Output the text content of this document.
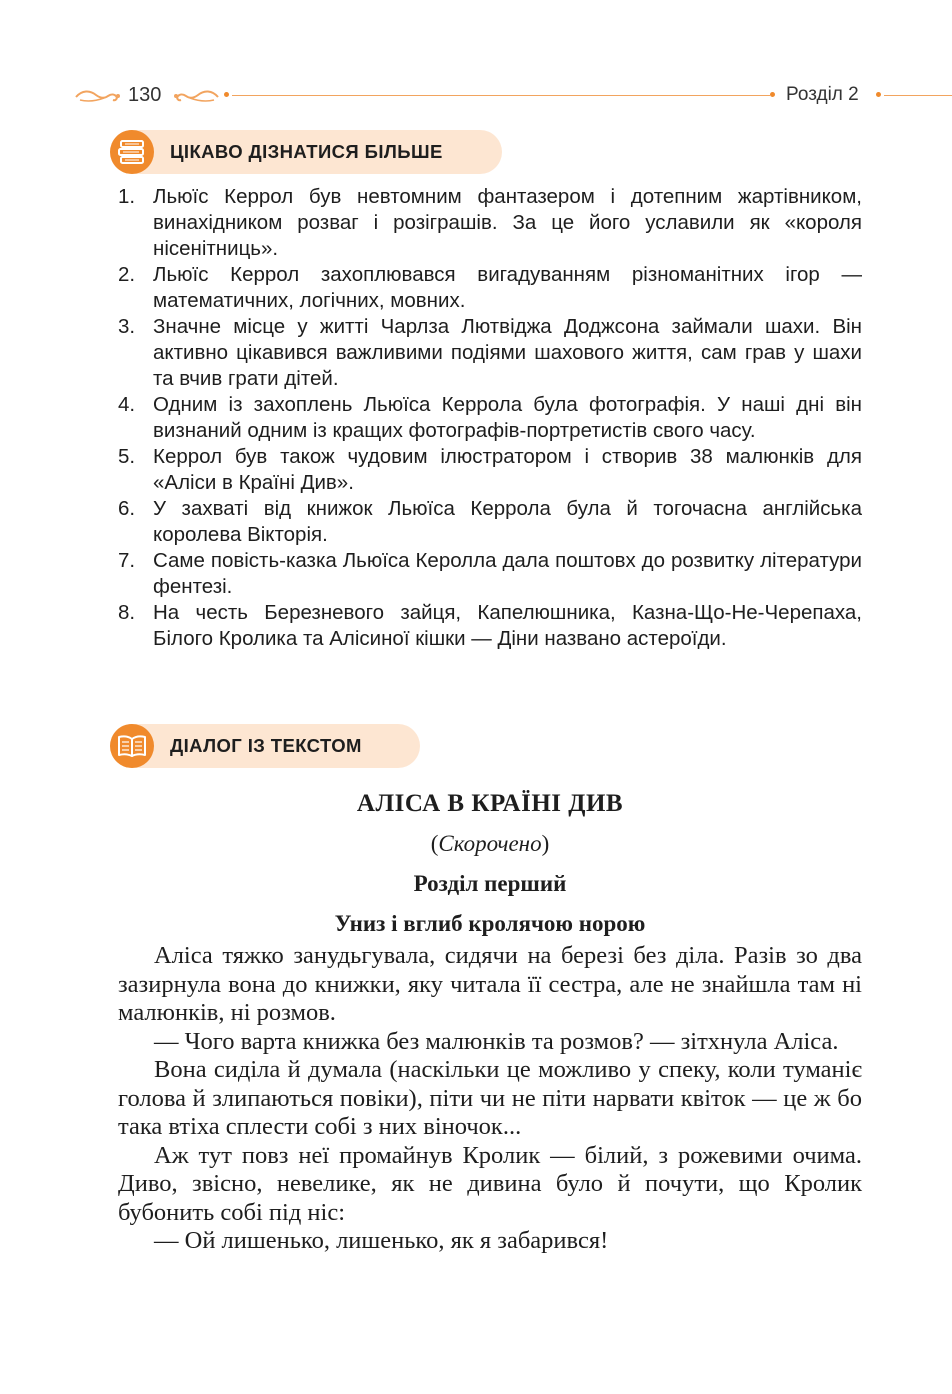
130	Розділ 2
ЦІКАВО ДІЗНАТИСЯ БІЛЬШЕ
1. Льюїс Керрол був невтомним фантазером і дотепним жартівником, винахідником розваг і розіграшів. За це його уславили як «короля нісенітниць».
2. Льюїс Керрол захоплювався вигадуванням різноманітних ігор — математичних, логічних, мовних.
3. Значне місце у житті Чарлза Лютвіджа Доджсона займали шахи. Він активно цікавився важливими подіями шахового життя, сам грав у шахи та вчив грати дітей.
4. Одним із захоплень Льюїса Керрола була фотографія. У наші дні він визнаний одним із кращих фотографів-портретистів свого часу.
5. Керрол був також чудовим ілюстратором і створив 38 малюнків для «Аліси в Країні Див».
6. У захваті від книжок Льюїса Керрола була й тогочасна англійська королева Вікторія.
7. Саме повість-казка Льюїса Керолла дала поштовх до розвитку літератури фентезі.
8. На честь Березневого зайця, Капелюшника, Казна-Що-Не-Черепаха, Білого Кролика та Алісиної кішки — Діни названо астероїди.
ДІАЛОГ ІЗ ТЕКСТОМ
АЛІСА В КРАЇНІ ДИВ
(Скорочено)
Розділ перший
Униз і вглиб кролячою норою

Аліса тяжко занудьгувала, сидячи на березі без діла. Разів зо два зазирнула вона до книжки, яку читала її сестра, але не знайшла там ні малюнків, ні розмов.

— Чого варта книжка без малюнків та розмов? — зітхнула Аліса.

Вона сиділа й думала (наскільки це можливо у спеку, коли туманіє голова й злипаються повіки), піти чи не піти нарвати квіток — це ж бо така втіха сплести собі з них віночок...

Аж тут повз неї промайнув Кролик — білий, з рожевими очима. Диво, звісно, невелике, як не дивина було й почути, що Кролик бубонить собі під ніс:

— Ой лишенько, лишенько, як я забарився!
